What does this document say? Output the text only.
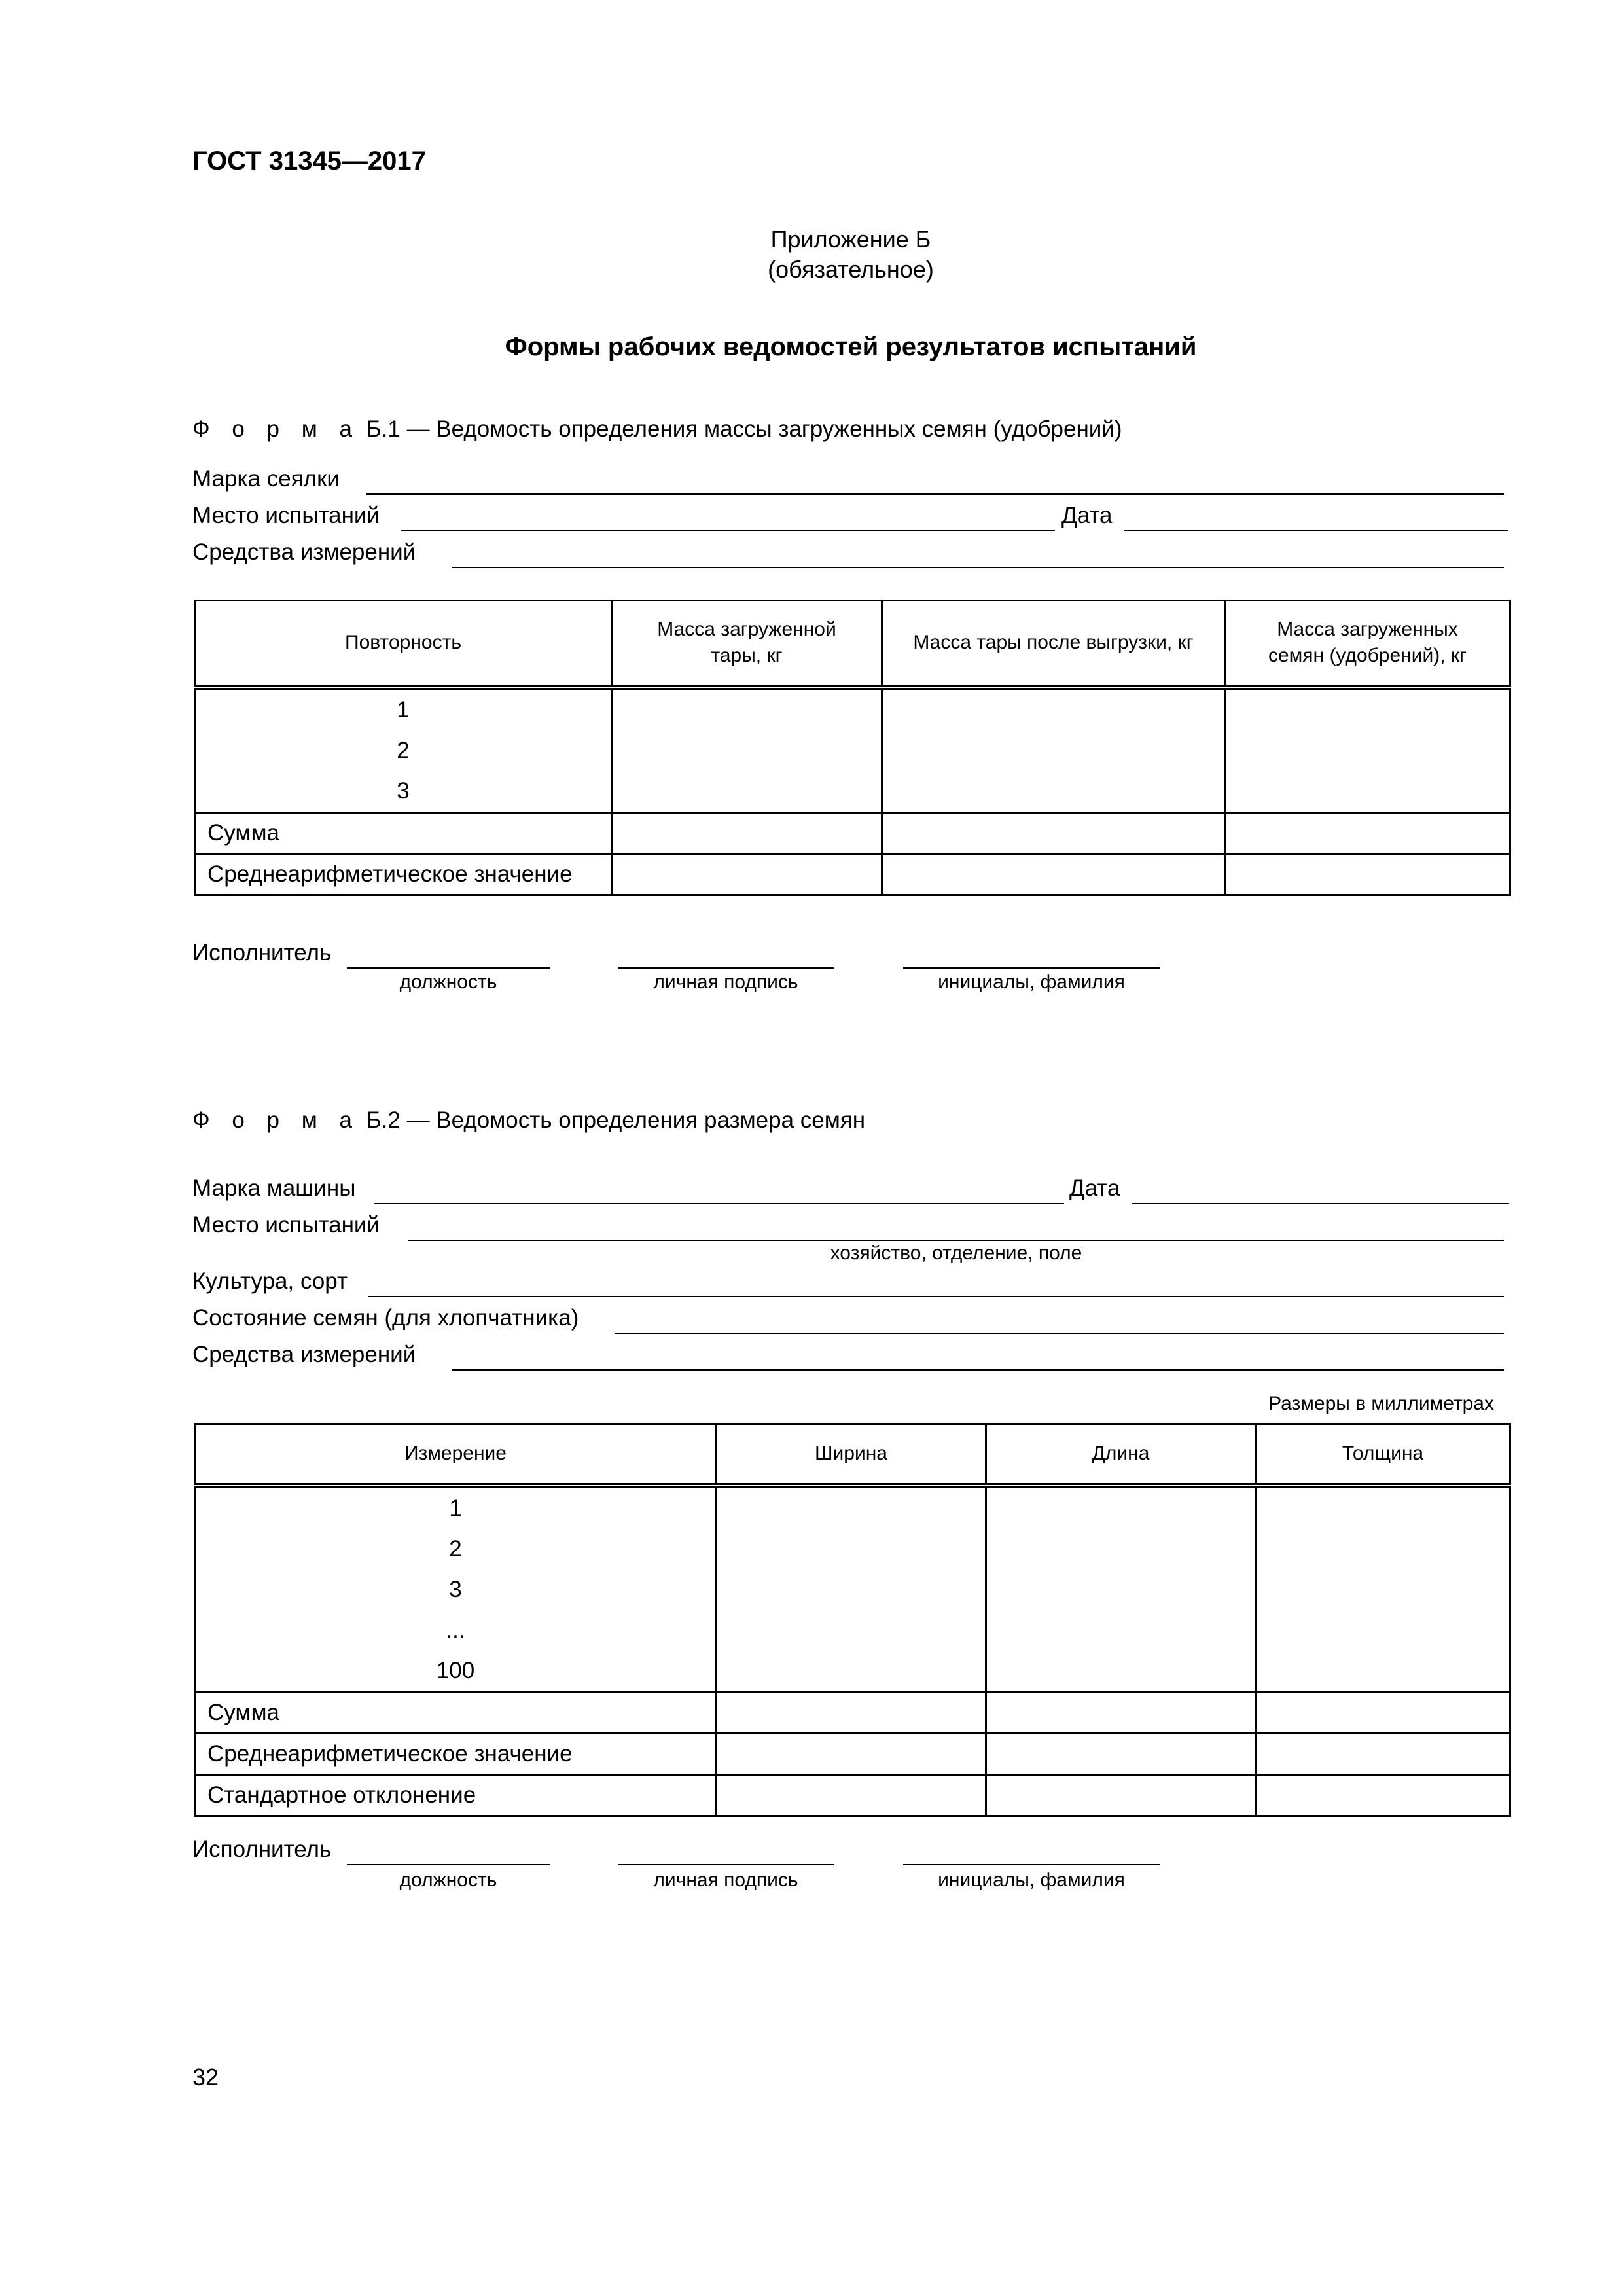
ГОСТ 31345—2017
Приложение Б
(обязательное)
Формы рабочих ведомостей результатов испытаний
Ф о р м а Б.1 — Ведомость определения массы загруженных семян (удобрений)
Марка сеялки
Место испытаний	Дата
Средства измерений
Повторность	Масса загруженной тары, кг	Масса тары после выгрузки, кг	Масса загруженных семян (удобрений), кг

1
2
3			

Сумма			
Среднеарифметическое значение			
Исполнитель
должность	личная подпись	инициалы, фамилия
Ф о р м а Б.2 — Ведомость определения размера семян
Марка машины	Дата
Место испытаний
хозяйство, отделение, поле
Культура, сорт
Состояние семян (для хлопчатника)
Средства измерений
Размеры в миллиметрах
Измерение	Ширина	Длина	Толщина

1
2
3
...
100			

Сумма			
Среднеарифметическое значение			
Стандартное отклонение			
Исполнитель
должность	личная подпись	инициалы, фамилия
32
